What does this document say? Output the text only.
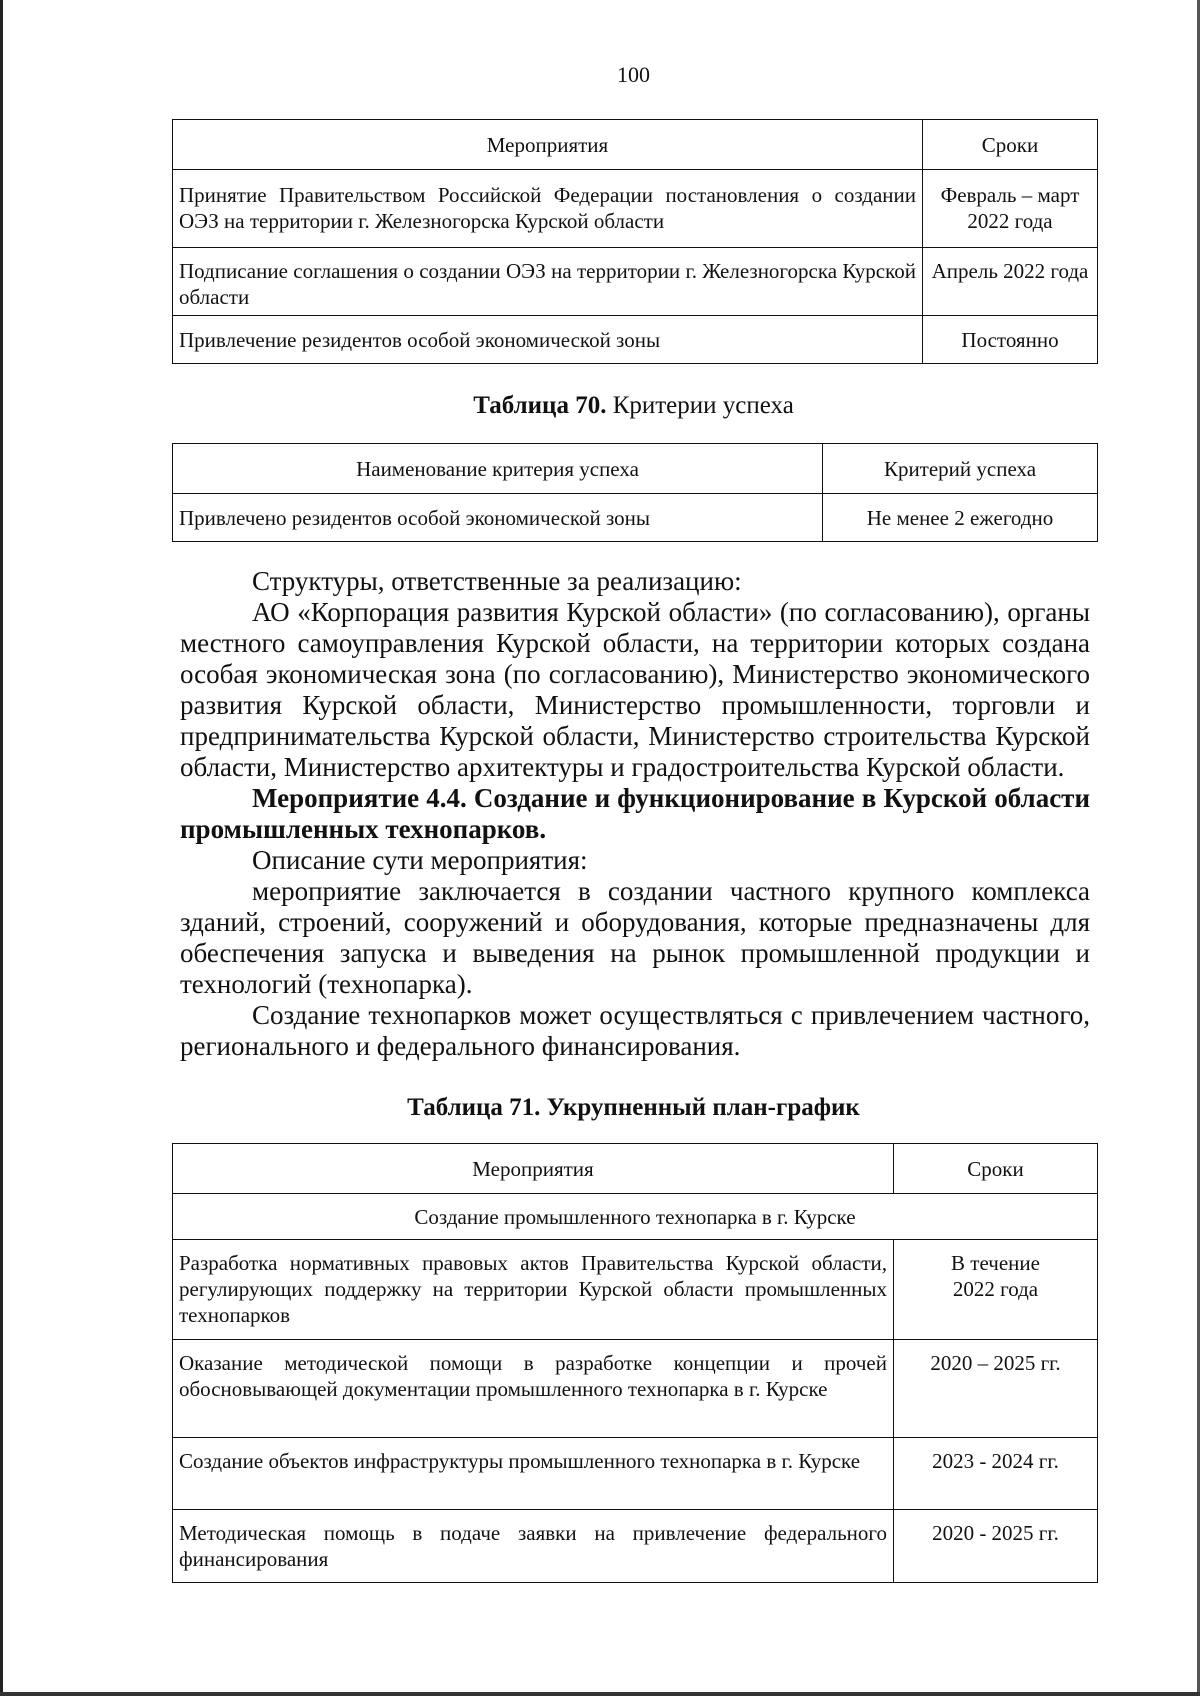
100
Мероприятия	Сроки
Принятие Правительством Российской Федерации постановления о создании ОЭЗ на территории г. Железногорска Курской области	Февраль – март 2022 года
Подписание соглашения о создании ОЭЗ на территории г. Железногорска Курской области	Апрель 2022 года
Привлечение резидентов особой экономической зоны	Постоянно
Таблица 70. Критерии успеха
Наименование критерия успеха	Критерий успеха
Привлечено резидентов особой экономической зоны	Не менее 2 ежегодно

Структуры, ответственные за реализацию:

АО «Корпорация развития Курской области» (по согласованию), органы местного самоуправления Курской области, на территории которых создана особая экономическая зона (по согласованию), Министерство экономического развития Курской области, Министерство промышленности, торговли и предпринимательства Курской области, Министерство строительства Курской области, Министерство архитектуры и градостроительства Курской области.

Мероприятие 4.4. Создание и функционирование в Курской области промышленных технопарков.

Описание сути мероприятия:

мероприятие заключается в создании частного крупного комплекса зданий, строений, сооружений и оборудования, которые предназначены для обеспечения запуска и выведения на рынок промышленной продукции и технологий (технопарка).

Создание технопарков может осуществляться с привлечением частного, регионального и федерального финансирования.

Таблица 71. Укрупненный план-график
Мероприятия	Сроки
Создание промышленного технопарка в г. Курске	
Разработка нормативных правовых актов Правительства Курской области, регулирующих поддержку на территории Курской области промышленных технопарков	В течение 2022 года
Оказание методической помощи в разработке концепции и прочей обосновывающей документации промышленного технопарка в г. Курске	2020 – 2025 гг.
Создание объектов инфраструктуры промышленного технопарка в г. Курске	2023 - 2024 гг.
Методическая помощь в подаче заявки на привлечение федерального финансирования	2020 - 2025 гг.
